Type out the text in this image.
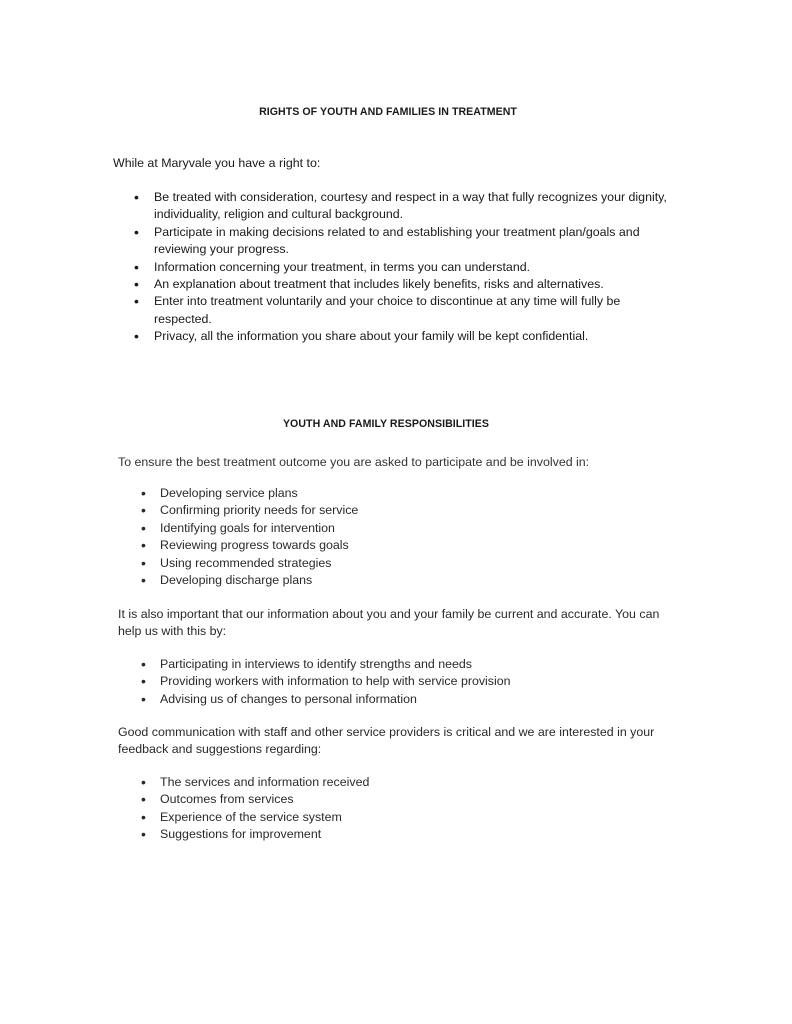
RIGHTS OF YOUTH AND FAMILIES IN TREATMENT

While at Maryvale you have a right to:

• Be treated with consideration, courtesy and respect in a way that fully recognizes your dignity, individuality, religion and cultural background.
• Participate in making decisions related to and establishing your treatment plan/goals and reviewing your progress.
• Information concerning your treatment, in terms you can understand.
• An explanation about treatment that includes likely benefits, risks and alternatives.
• Enter into treatment voluntarily and your choice to discontinue at any time will fully be respected.
• Privacy, all the information you share about your family will be kept confidential.
YOUTH AND FAMILY RESPONSIBILITIES

To ensure the best treatment outcome you are asked to participate and be involved in:

• Developing service plans
• Confirming priority needs for service
• Identifying goals for intervention
• Reviewing progress towards goals
• Using recommended strategies
• Developing discharge plans

It is also important that our information about you and your family be current and accurate. You can help us with this by:

• Participating in interviews to identify strengths and needs
• Providing workers with information to help with service provision
• Advising us of changes to personal information

Good communication with staff and other service providers is critical and we are interested in your feedback and suggestions regarding:

• The services and information received
• Outcomes from services
• Experience of the service system
• Suggestions for improvement
